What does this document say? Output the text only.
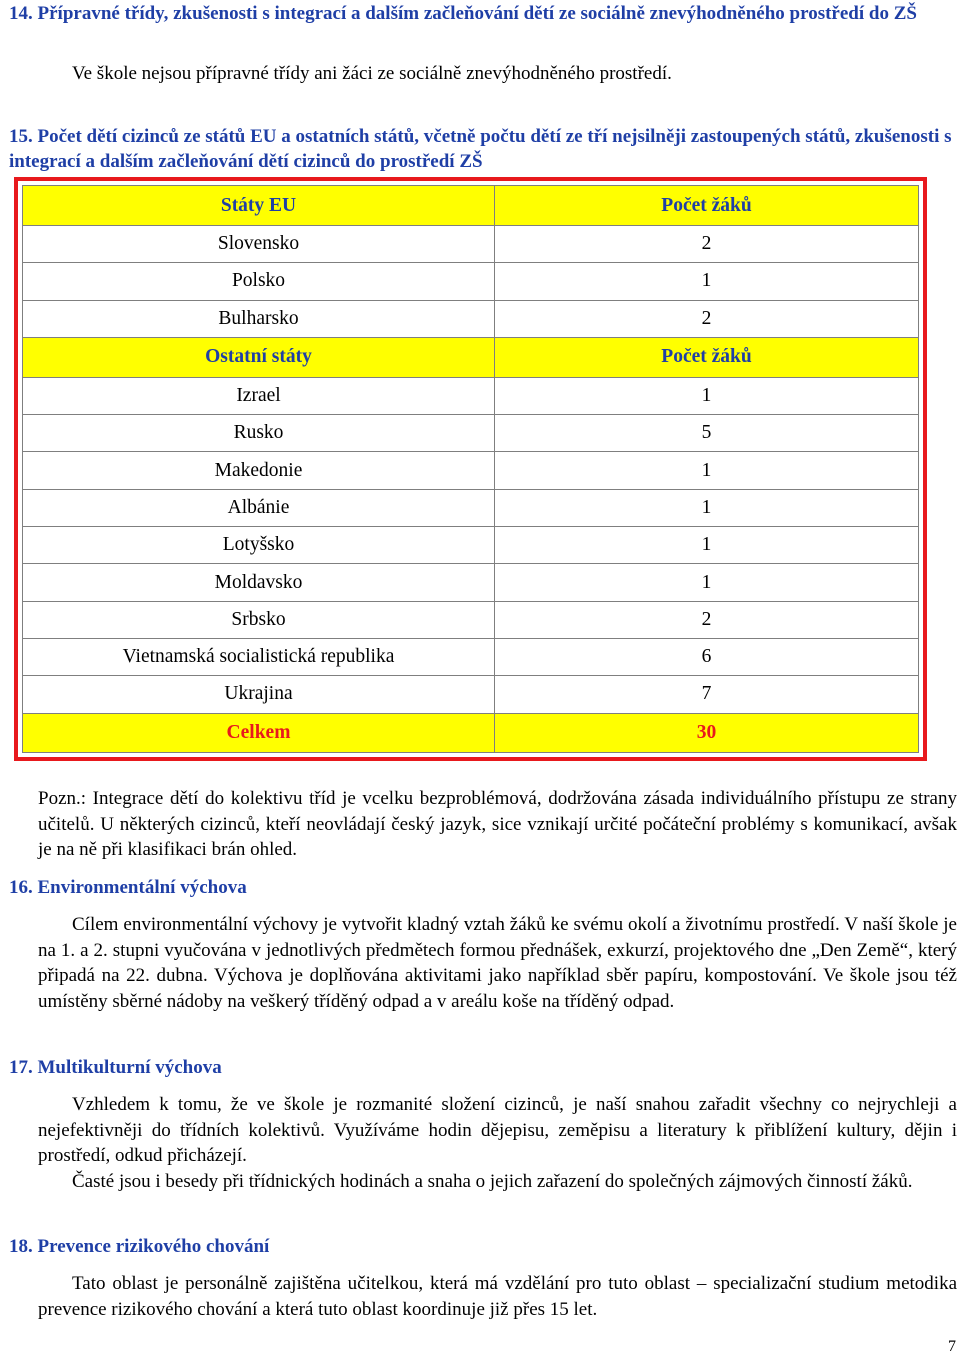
14. Přípravné třídy, zkušenosti s integrací a dalším začleňování dětí ze sociálně znevýhodněného prostředí do ZŠ
Ve škole nejsou přípravné třídy ani žáci ze sociálně znevýhodněného prostředí.
15. Počet dětí cizinců ze států EU a ostatních států, včetně počtu dětí ze tří nejsilněji zastoupených států, zkušenosti s integrací a dalším začleňování dětí cizinců do prostředí ZŠ
Státy EU	Počet žáků
Slovensko	2
Polsko	1
Bulharsko	2
Ostatní státy	Počet žáků
Izrael	1
Rusko	5
Makedonie	1
Albánie	1
Lotyšsko	1
Moldavsko	1
Srbsko	2
Vietnamská socialistická republika	6
Ukrajina	7
Celkem	30
Pozn.: Integrace dětí do kolektivu tříd je vcelku bezproblémová, dodržována zásada individuálního přístupu ze strany učitelů. U některých cizinců, kteří neovládají český jazyk, sice vznikají určité počáteční problémy s komunikací, avšak je na ně při klasifikaci brán ohled.
16. Environmentální výchova
Cílem environmentální výchovy je vytvořit kladný vztah žáků ke svému okolí a životnímu prostředí. V naší škole je na 1. a 2. stupni vyučována v jednotlivých předmětech formou přednášek, exkurzí, projektového dne „Den Země“, který připadá na 22. dubna. Výchova je doplňována aktivitami jako například sběr papíru, kompostování. Ve škole jsou též umístěny sběrné nádoby na veškerý tříděný odpad a v areálu koše na tříděný odpad.
17. Multikulturní výchova
Vzhledem k tomu, že ve škole je rozmanité složení cizinců, je naší snahou zařadit všechny co nejrychleji a nejefektivněji do třídních kolektivů. Využíváme hodin dějepisu, zeměpisu a literatury k přiblížení kultury, dějin i prostředí, odkud přicházejí.
Časté jsou i besedy při třídnických hodinách a snaha o jejich zařazení do společných zájmových činností žáků.
18. Prevence rizikového chování
Tato oblast je personálně zajištěna učitelkou, která má vzdělání pro tuto oblast – specializační studium metodika prevence rizikového chování a která tuto oblast koordinuje již přes 15 let.
7
